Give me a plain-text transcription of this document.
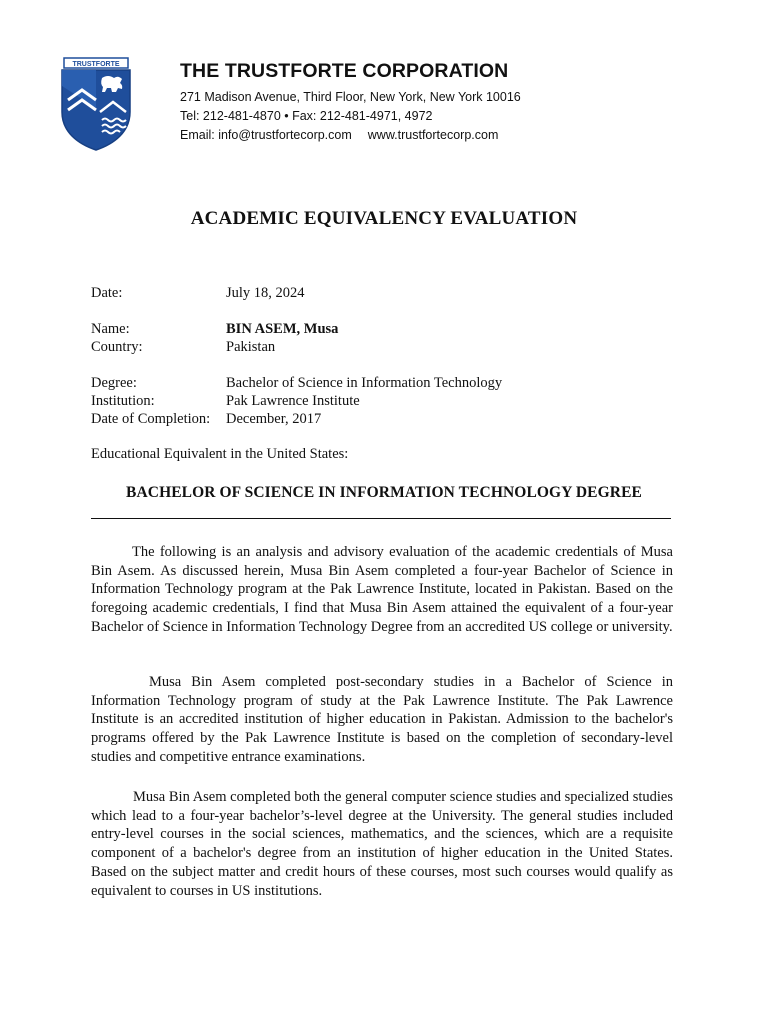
TRUSTFORTE	THE TRUSTFORTE CORPORATION
271 Madison Avenue, Third Floor, New York, New York 10016
Tel: 212-481-4870 • Fax: 212-481-4971, 4972
Email: info@trustfortecorp.com www.trustfortecorp.com
ACADEMIC EQUIVALENCY EVALUATION
Date:	July 18, 2024
Name:	BIN ASEM, Musa
Country:	Pakistan
Degree:	Bachelor of Science in Information Technology
Institution:	Pak Lawrence Institute
Date of Completion: December, 2017
Educational Equivalent in the United States:
BACHELOR OF SCIENCE IN INFORMATION TECHNOLOGY DEGREE

The following is an analysis and advisory evaluation of the academic credentials of Musa Bin Asem. As discussed herein, Musa Bin Asem completed a four-year Bachelor of Science in Information Technology program at the Pak Lawrence Institute, located in Pakistan. Based on the foregoing academic credentials, I find that Musa Bin Asem attained the equivalent of a four-year Bachelor of Science in Information Technology Degree from an accredited US college or university.

Musa Bin Asem completed post-secondary studies in a Bachelor of Science in Information Technology program of study at the Pak Lawrence Institute. The Pak Lawrence Institute is an accredited institution of higher education in Pakistan. Admission to the bachelor's programs offered by the Pak Lawrence Institute is based on the completion of secondary-level studies and competitive entrance examinations.

Musa Bin Asem completed both the general computer science studies and specialized studies which lead to a four-year bachelor’s-level degree at the University. The general studies included entry-level courses in the social sciences, mathematics, and the sciences, which are a requisite component of a bachelor's degree from an institution of higher education in the United States. Based on the subject matter and credit hours of these courses, most such courses would qualify as equivalent to courses in US institutions.
